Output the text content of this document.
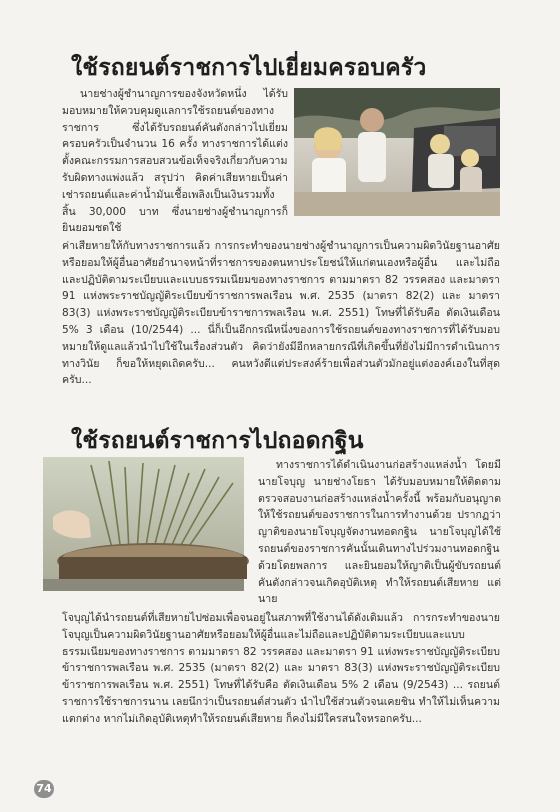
ใช้รถยนต์ราชการไปเยี่ยมครอบครัว

นายช่างผู้ชำนาญการของจังหวัดหนึ่ง ได้รับมอบหมายให้ควบคุมดูแลการใช้รถยนต์ของทางราชการ ซึ่งได้รับรถยนต์คันดังกล่าวไปเยี่ยมครอบครัวเป็นจำนวน 16 ครั้ง ทางราชการได้แต่งตั้งคณะกรรมการสอบสวนข้อเท็จจริงเกี่ยวกับความรับผิดทางแพ่งแล้ว สรุปว่า คิดค่าเสียหายเป็นค่าเช่ารถยนต์และค่าน้ำมันเชื้อเพลิงเป็นเงินรวมทั้งสิ้น 30,000 บาท ซึ่งนายช่างผู้ชำนาญการก็ยินยอมชดใช้

ค่าเสียหายให้กับทางราชการแล้ว การกระทำของนายช่างผู้ชำนาญการเป็นความผิดวินัยฐานอาศัยหรือยอมให้ผู้อื่นอาศัยอำนาจหน้าที่ราชการของตนหาประโยชน์ให้แก่ตนเองหรือผู้อื่น และไม่ถือและปฏิบัติตามระเบียบและแบบธรรมเนียมของทางราชการ ตามมาตรา 82 วรรคสอง และมาตรา 91 แห่งพระราชบัญญัติระเบียบข้าราชการพลเรือน พ.ศ. 2535 (มาตรา 82(2) และ มาตรา 83(3) แห่งพระราชบัญญัติระเบียบข้าราชการพลเรือน พ.ศ. 2551) โทษที่ได้รับคือ ตัดเงินเดือน 5% 3 เดือน (10/2544) ... นี่ก็เป็นอีกกรณีหนึ่งของการใช้รถยนต์ของทางราชการที่ได้รับมอบหมายให้ดูแลแล้วนำไปใช้ในเรื่องส่วนตัว คิดว่ายังมีอีกหลายกรณีที่เกิดขึ้นที่ยังไม่มีการดำเนินการทางวินัย ก็ขอให้หยุดเถิดครับ... คนหวังดีแต่ประสงค์ร้ายเพื่อส่วนตัวมักอยู่แต่งองค์เองในที่สุดครับ...

ใช้รถยนต์ราชการไปถอดกฐิน

ทางราชการได้ดำเนินงานก่อสร้างแหล่งน้ำ โดยมีนายโจบุญ นายช่างโยธา ได้รับมอบหมายให้ติดตามตรวจสอบงานก่อสร้างแหล่งน้ำครั้งนี้ พร้อมกับอนุญาตให้ใช้รถยนต์ของราชการในการทำงานด้วย ปรากฏว่าญาติของนายโจบุญจัดงานทอดกฐิน นายโจบุญได้ใช้รถยนต์ของราชการคันนั้นเดินทางไปร่วมงานทอดกฐินด้วยโดยพลการ และยินยอมให้ญาติเป็นผู้ขับรถยนต์คันดังกล่าวจนเกิดอุบัติเหตุ ทำให้รถยนต์เสียหาย แต่นาย

โจบุญได้นำรถยนต์ที่เสียหายไปซ่อมเพื่อจนอยู่ในสภาพที่ใช้งานได้ดังเดิมแล้ว การกระทำของนายโจบุญเป็นความผิดวินัยฐานอาศัยหรือยอมให้ผู้อื่นและไม่ถือและปฏิบัติตามระเบียบและแบบธรรมเนียมของทางราชการ ตามมาตรา 82 วรรคสอง และมาตรา 91 แห่งพระราชบัญญัติระเบียบข้าราชการพลเรือน พ.ศ. 2535 (มาตรา 82(2) และ มาตรา 83(3) แห่งพระราชบัญญัติระเบียบข้าราชการพลเรือน พ.ศ. 2551) โทษที่ได้รับคือ ตัดเงินเดือน 5% 2 เดือน (9/2543) ... รถยนต์ราชการใช้ราชการนาน เลยนึกว่าเป็นรถยนต์ส่วนตัว นำไปใช้ส่วนตัวจนเคยชิน ทำให้ไม่เห็นความแตกต่าง หากไม่เกิดอุบัติเหตุทำให้รถยนต์เสียหาย ก็คงไม่มีใครสนใจหรอกครับ...

74
